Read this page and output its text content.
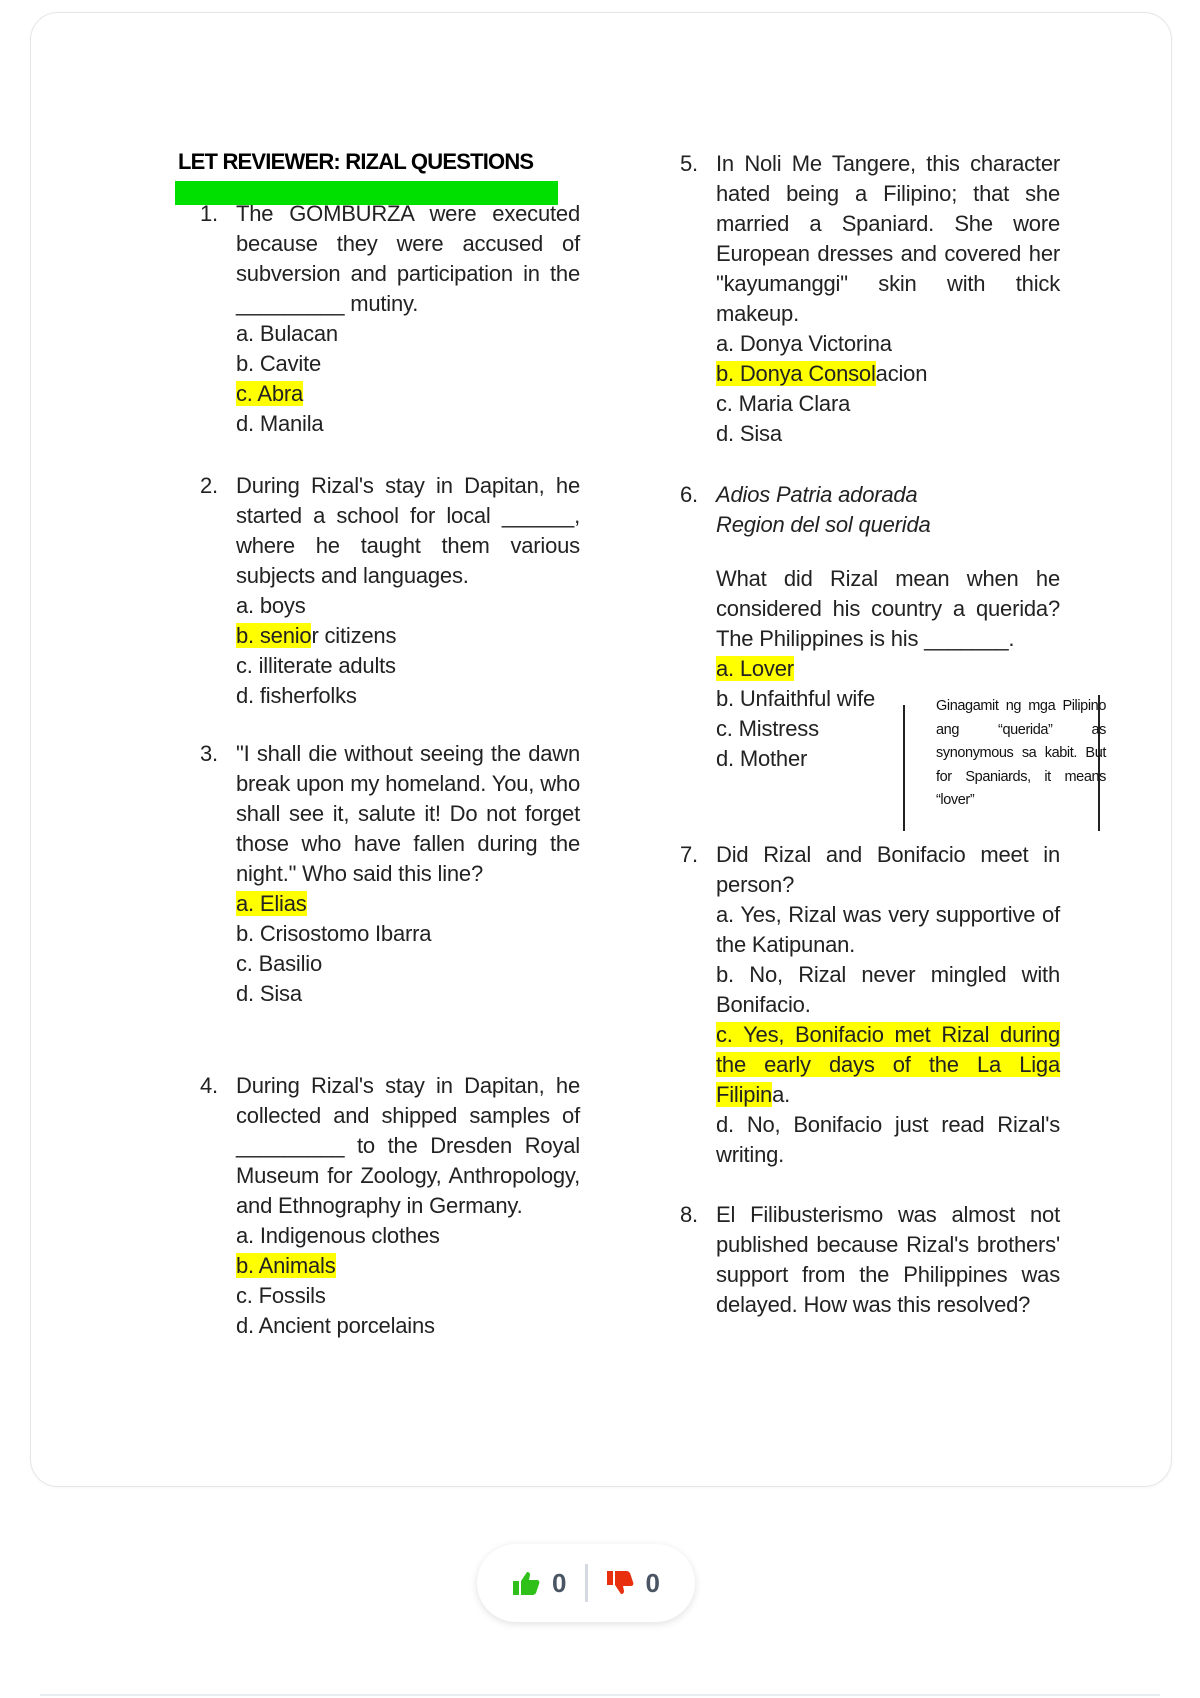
LET REVIEWER: RIZAL QUESTIONS
1. The GOMBURZA were executed because they were accused of subversion and participation in the _________ mutiny.
a. Bulacan
b. Cavite
c. Abra
d. Manila
2. During Rizal's stay in Dapitan, he started a school for local ______, where he taught them various subjects and languages.
a. boys
b. senior citizens
c. illiterate adults
d. fisherfolks
3. "I shall die without seeing the dawn break upon my homeland. You, who shall see it, salute it! Do not forget those who have fallen during the night." Who said this line?
a. Elias
b. Crisostomo Ibarra
c. Basilio
d. Sisa
4. During Rizal's stay in Dapitan, he collected and shipped samples of _________ to the Dresden Royal Museum for Zoology, Anthropology, and Ethnography in Germany.
a. Indigenous clothes
b. Animals
c. Fossils
d. Ancient porcelains
5. In Noli Me Tangere, this character hated being a Filipino; that she married a Spaniard. She wore European dresses and covered her "kayumanggi" skin with thick makeup.
a. Donya Victorina
b. Donya Consolacion
c. Maria Clara
d. Sisa
6. Adios Patria adorada
Region del sol querida
What did Rizal mean when he considered his country a querida? The Philippines is his _______.
a. Lover
b. Unfaithful wife
c. Mistress
d. Mother
7. Did Rizal and Bonifacio meet in person?
a. Yes, Rizal was very supportive of the Katipunan.
b. No, Rizal never mingled with Bonifacio.
c. Yes, Bonifacio met Rizal during the early days of the La Liga Filipina.
d. No, Bonifacio just read Rizal's writing.
8. El Filibusterismo was almost not published because Rizal's brothers' support from the Philippines was delayed. How was this resolved?
Ginagamit ng mga Pilipino ang “querida” as synonymous sa kabit. But for Spaniards, it means “lover”
0	0
